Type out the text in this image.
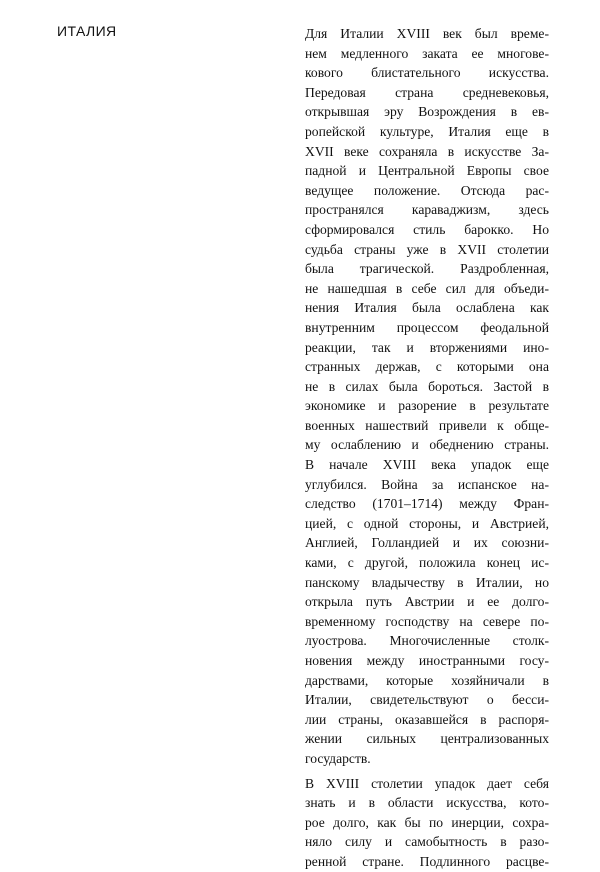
ИТАЛИЯ	Для Италии XVIII век был време-
нем медленного заката ее многове-
кового блистательного искусства.
Передовая страна средневековья,
открывшая эру Возрождения в ев-
ропейской культуре, Италия еще в
XVII веке сохраняла в искусстве За-
падной и Центральной Европы свое
ведущее положение. Отсюда рас-
пространялся караваджизм, здесь
сформировался стиль барокко. Но
судьба страны уже в XVII столетии
была трагической. Раздробленная,
не нашедшая в себе сил для объеди-
нения Италия была ослаблена как
внутренним процессом феодальной
реакции, так и вторжениями ино-
странных держав, с которыми она
не в силах была бороться. Застой в
экономике и разорение в результате
военных нашествий привели к обще-
му ослаблению и обеднению страны.
В начале XVIII века упадок еще
углубился. Война за испанское на-
следство (1701–1714) между Фран-
цией, с одной стороны, и Австрией,
Англией, Голландией и их союзни-
ками, с другой, положила конец ис-
панскому владычеству в Италии, но
открыла путь Австрии и ее долго-
временному господству на севере по-
луострова. Многочисленные столк-
новения между иностранными госу-
дарствами, которые хозяйничали в
Италии, свидетельствуют о бесси-
лии страны, оказавшейся в распоря-
жении сильных централизованных
государств.
В XVIII столетии упадок дает себя
знать и в области искусства, кото-
рое долго, как бы по инерции, сохра-
няло силу и самобытность в разо-
ренной стране. Подлинного расцве-
